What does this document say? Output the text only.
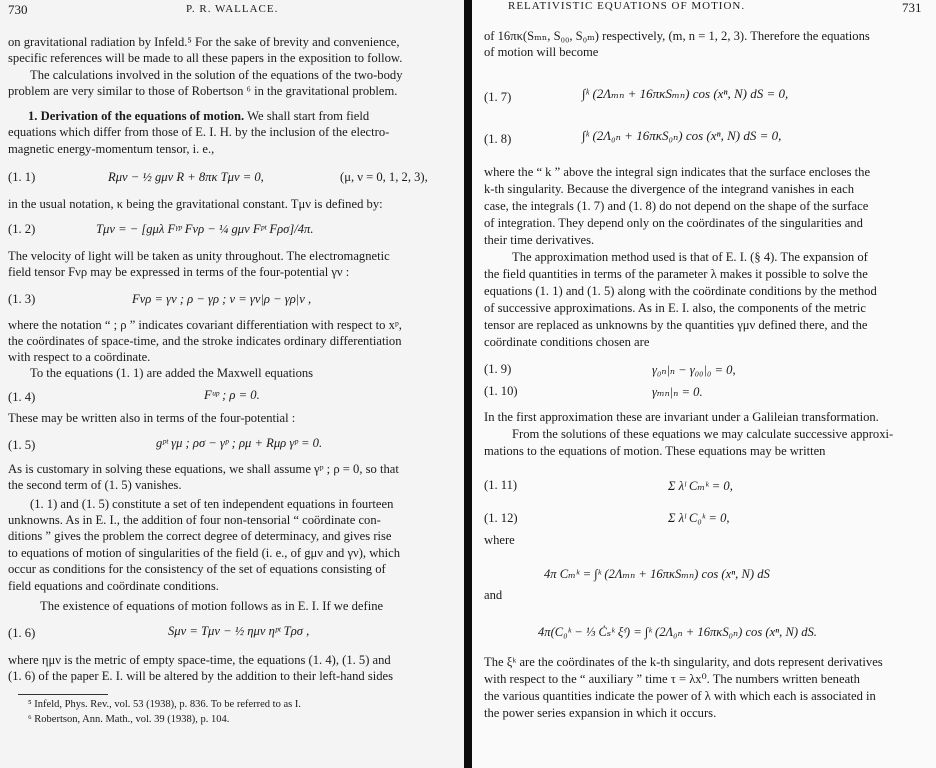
730	P. R. WALLACE.
on gravitational radiation by Infeld.⁵ For the sake of brevity and convenience,
specific references will be made to all these papers in the exposition to follow.
The calculations involved in the solution of the equations of the two-body
problem are very similar to those of Robertson ⁶ in the gravitational problem.
1. Derivation of the equations of motion. We shall start from field
equations which differ from those of E. I. H. by the inclusion of the electro-
magnetic energy-momentum tensor, i. e.,
(1. 1)	Rμν − ½ gμν R + 8πκ Tμν = 0,	(μ, ν = 0, 1, 2, 3),
in the usual notation, κ being the gravitational constant. Tμν is defined by:
(1. 2)	Tμν = − [gμλ Fᵞᵖ Fνρ − ¼ gμν Fᵖᵗ Fρσ]/4π.
The velocity of light will be taken as unity throughout. The electromagnetic
field tensor Fνρ may be expressed in terms of the four-potential γν :
(1. 3)	Fνρ = γν ; ρ − γρ ; ν = γν|ρ − γρ|ν ,
where the notation “ ; ρ ” indicates covariant differentiation with respect to xᵖ,
the coördinates of space-time, and the stroke indicates ordinary differentiation
with respect to a coördinate.
To the equations (1. 1) are added the Maxwell equations
(1. 4)	Fᵘᵖ ; ρ = 0.
These may be written also in terms of the four-potential :
(1. 5)	gᵖᵗ γμ ; ρσ − γᵖ ; ρμ + Rμρ γᵖ = 0.
As is customary in solving these equations, we shall assume γᵖ ; ρ = 0, so that
the second term of (1. 5) vanishes.
(1. 1) and (1. 5) constitute a set of ten independent equations in fourteen
unknowns. As in E. I., the addition of four non-tensorial “ coördinate con-
ditions ” gives the problem the correct degree of determinacy, and gives rise
to equations of motion of singularities of the field (i. e., of gμν and γν), which
occur as conditions for the consistency of the set of equations consisting of
field equations and coördinate conditions.
The existence of equations of motion follows as in E. I. If we define
(1. 6)	Sμν = Tμν − ½ ημν ηᵖᵗ Tρσ ,
where ημν is the metric of empty space-time, the equations (1. 4), (1. 5) and
(1. 6) of the paper E. I. will be altered by the addition to their left-hand sides
⁵ Infeld, Phys. Rev., vol. 53 (1938), p. 836. To be referred to as I.
⁶ Robertson, Ann. Math., vol. 39 (1938), p. 104.
RELATIVISTIC EQUATIONS OF MOTION.	731
of 16πκ(Sₘₙ, S₀₀, S₀ₘ) respectively, (m, n = 1, 2, 3). Therefore the equations
of motion will become
(1. 7)	∫ᵏ (2Λₘₙ + 16πκSₘₙ) cos (xⁿ, N) dS = 0,
(1. 8)	∫ᵏ (2Λ₀ₙ + 16πκS₀ₙ) cos (xⁿ, N) dS = 0,
where the “ k ” above the integral sign indicates that the surface encloses the
k-th singularity. Because the divergence of the integrand vanishes in each
case, the integrals (1. 7) and (1. 8) do not depend on the shape of the surface
of integration. They depend only on the coördinates of the singularities and
their time derivatives.
The approximation method used is that of E. I. (§ 4). The expansion of
the field quantities in terms of the parameter λ makes it possible to solve the
equations (1. 1) and (1. 5) along with the coördinate conditions by the method
of successive approximations. As in E. I. also, the components of the metric
tensor are replaced as unknowns by the quantities γμν defined there, and the
coördinate conditions chosen are
(1. 9)	γ₀ₙ|ₙ − γ₀₀|₀ = 0,
(1. 10)	γₘₙ|ₙ = 0.
In the first approximation these are invariant under a Galileian transformation.
From the solutions of these equations we may calculate successive approxi-
mations to the equations of motion. These equations may be written
(1. 11)	Σ λˡ Cₘᵏ = 0,
(1. 12)	Σ λˡ C₀ᵏ = 0,
where
4π Cₘᵏ = ∫ᵏ (2Λₘₙ + 16πκSₘₙ) cos (xⁿ, N) dS
and
4π(C₀ᵏ − ⅓ Ċₛᵏ ξ̇ˢ) = ∫ᵏ (2Λ₀ₙ + 16πκS₀ₙ) cos (xⁿ, N) dS.
The ξᵏ are the coördinates of the k-th singularity, and dots represent derivatives
with respect to the “ auxiliary ” time τ = λx⁰. The numbers written beneath
the various quantities indicate the power of λ with which each is associated in
the power series expansion in which it occurs.
